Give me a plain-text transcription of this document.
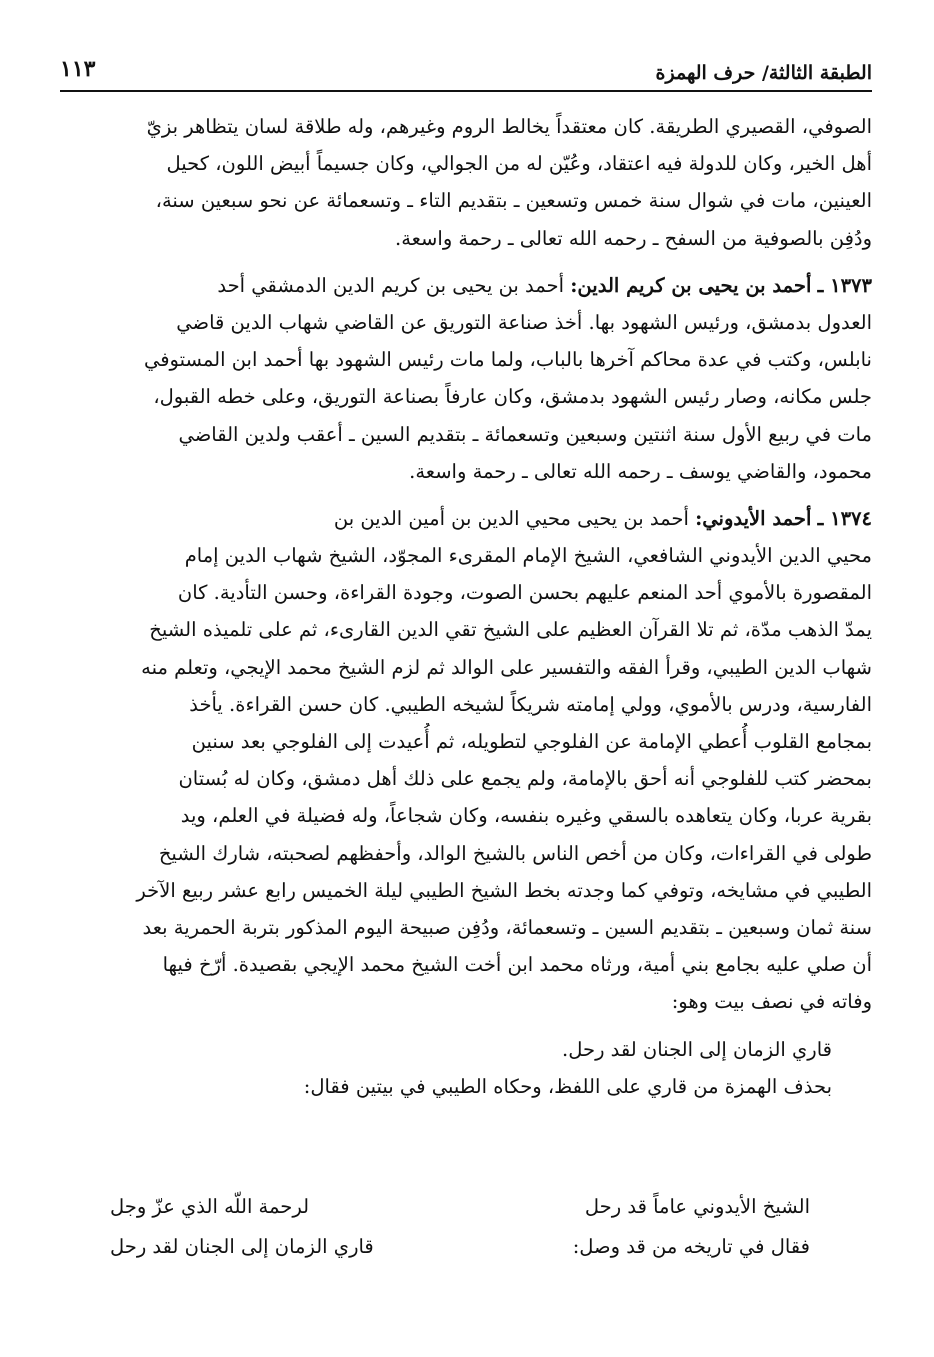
الطبقة الثالثة/ حرف الهمزة
١١٣
الصوفي، القصيري الطريقة. كان معتقداً يخالط الروم وغيرهم، وله طلاقة لسان يتظاهر بزيّ
أهل الخير، وكان للدولة فيه اعتقاد، وعُيّن له من الجوالي، وكان جسيماً أبيض اللون، كحيل
العينين، مات في شوال سنة خمس وتسعين ـ بتقديم التاء ـ وتسعمائة عن نحو سبعين سنة،
ودُفِن بالصوفية من السفح ـ رحمه الله تعالى ـ رحمة واسعة.
١٣٧٣ ـ أحمد بن يحيى بن كريم الدين: أحمد بن يحيى بن كريم الدين الدمشقي أحد
العدول بدمشق، ورئيس الشهود بها. أخذ صناعة التوريق عن القاضي شهاب الدين قاضي
نابلس، وكتب في عدة محاكم آخرها بالباب، ولما مات رئيس الشهود بها أحمد ابن المستوفي
جلس مكانه، وصار رئيس الشهود بدمشق، وكان عارفاً بصناعة التوريق، وعلى خطه القبول،
مات في ربيع الأول سنة اثنتين وسبعين وتسعمائة ـ بتقديم السين ـ أعقب ولدين القاضي
محمود، والقاضي يوسف ـ رحمه الله تعالى ـ رحمة واسعة.
١٣٧٤ ـ أحمد الأيدوني: أحمد بن يحيى محيي الدين بن أمين الدين بن
محيي الدين الأيدوني الشافعي، الشيخ الإمام المقرىء المجوّد، الشيخ شهاب الدين إمام
المقصورة بالأموي أحد المنعم عليهم بحسن الصوت، وجودة القراءة، وحسن التأدية. كان
يمدّ الذهب مدّة، ثم تلا القرآن العظيم على الشيخ تقي الدين القارىء، ثم على تلميذه الشيخ
شهاب الدين الطيبي، وقرأ الفقه والتفسير على الوالد ثم لزم الشيخ محمد الإيجي، وتعلم منه
الفارسية، ودرس بالأموي، وولي إمامته شريكاً لشيخه الطيبي. كان حسن القراءة. يأخذ
بمجامع القلوب أُعطي الإمامة عن الفلوجي لتطويله، ثم أُعيدت إلى الفلوجي بعد سنين
بمحضر كتب للفلوجي أنه أحق بالإمامة، ولم يجمع على ذلك أهل دمشق، وكان له بُستان
بقرية عربا، وكان يتعاهده بالسقي وغيره بنفسه، وكان شجاعاً، وله فضيلة في العلم، ويد
طولى في القراءات، وكان من أخص الناس بالشيخ الوالد، وأحفظهم لصحبته، شارك الشيخ
الطيبي في مشايخه، وتوفي كما وجدته بخط الشيخ الطيبي ليلة الخميس رابع عشر ربيع الآخر
سنة ثمان وسبعين ـ بتقديم السين ـ وتسعمائة، ودُفِن صبيحة اليوم المذكور بتربة الحمرية بعد
أن صلي عليه بجامع بني أمية، ورثاه محمد ابن أخت الشيخ محمد الإيجي بقصيدة. أرّخ فيها
وفاته في نصف بيت وهو:
قاري الزمان إلى الجنان لقد رحل.
بحذف الهمزة من قاري على اللفظ، وحكاه الطيبي في بيتين فقال:
الشيخ الأيدوني عاماً قد رحل
لرحمة اللّه الذي عزّ وجل
فقال في تاريخه من قد وصل:
قاري الزمان إلى الجنان لقد رحل
